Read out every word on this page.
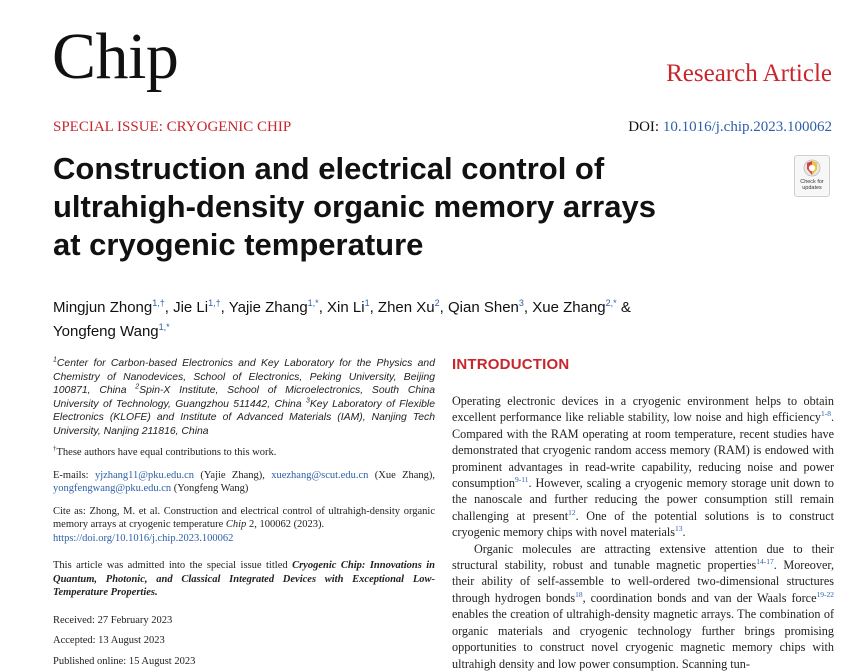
Chip	Research Article
SPECIAL ISSUE: CRYOGENIC CHIP	DOI: 10.1016/j.chip.2023.100062
Construction and electrical control of
ultrahigh-density organic memory arrays
at cryogenic temperature
Check for
updates
Mingjun Zhong$^{1,\dagger}$, Jie $Li^{1,\dagger}$, Yajie Zhang$^{1,*}$, Xin Li$^1$, Zhen Xu$^2$, Qian Shen$^3$, Xue Zhang$^{2,*}$ &
Yongfeng Wang$^{1,*}$
$^1$Center for Carbon-based Electronics and Key Laboratory for the Physics and Chemistry of Nanodevices, School of Electronics, Peking University, Beijing 100871, China $^2$Spin-X Institute, School of Microelectronics, South China University of Technology, Guangzhou 511442, China $^3$Key Laboratory of Flexible Electronics (KLOFE) and Institute of Advanced Materials (IAM), Nanjing Tech University, Nanjing 211816, China
†These authors have equal contributions to this work.
E-mails: yjzhang11@pku.edu.cn (Yajie Zhang), xuezhang@scut.edu.cn (Xue Zhang), yongfengwang@pku.edu.cn (Yongfeng Wang)
Cite as: Zhong, M. et al. Construction and electrical control of ultrahigh-density organic memory arrays at cryogenic temperature Chip 2, 100062 (2023).
https://doi.org/10.1016/j.chip.2023.100062
This article was admitted into the special issue titled Cryogenic Chip: Innovations in Quantum, Photonic, and Classical Integrated Devices with Exceptional Low-Temperature Properties.
Received: 27 February 2023
Accepted: 13 August 2023
Published online: 15 August 2023
INTRODUCTION

Operating electronic devices in a cryogenic environment helps to obtain excellent performance like reliable stability, low noise and high efficiency$^{1-8}$. Compared with the RAM operating at room temperature, recent studies have demonstrated that cryogenic random access memory (RAM) is endowed with prominent advantages in read-write capability, reducing noise and power consumption$^{9-11}$. However, scaling a cryogenic memory storage unit down to the nanoscale and further reducing the power consumption still remain challenging at present$^{12}$. One of the potential solutions is to construct cryogenic memory chips with novel materials$^{13}$.

Organic molecules are attracting extensive attention due to their structural stability, robust and tunable magnetic properties$^{14-17}$. Moreover, their ability of self-assemble to well-ordered two-dimensional structures through hydrogen bonds$^{18}$, coordination bonds and van der Waals force$^{19-22}$ enables the creation of ultrahigh-density magnetic arrays. The combination of organic materials and cryogenic technology further brings promising opportunities to construct novel cryogenic magnetic memory chips with ultrahigh density and low power consumption. Scanning tun-
